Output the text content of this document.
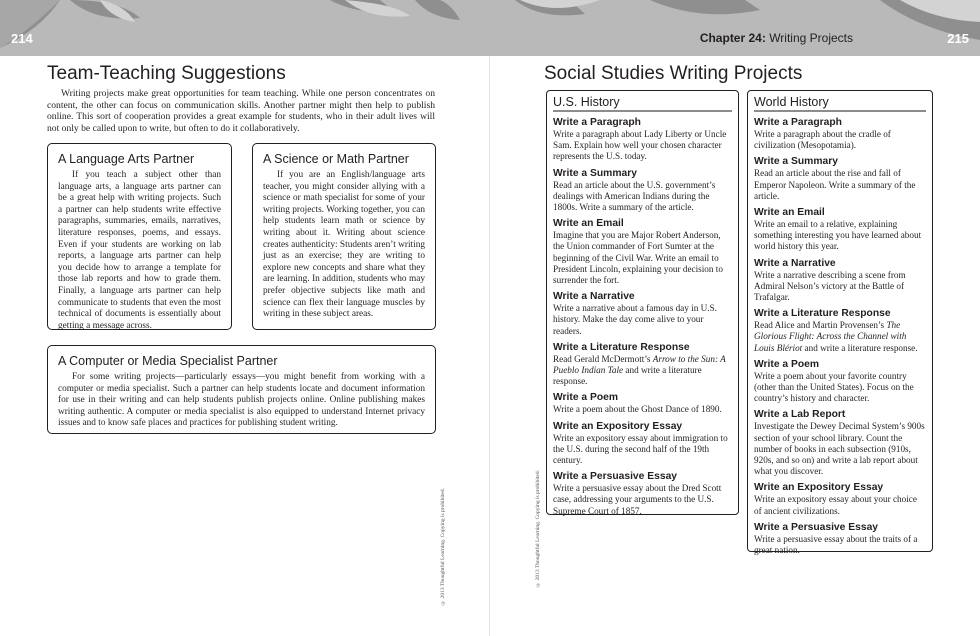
214	Chapter 24: Writing Projects	215
Team-Teaching Suggestions
Writing projects make great opportunities for team teaching. While one person concentrates on content, the other can focus on communication skills. Another partner might then help to publish online. This sort of cooperation provides a great example for students, who in their adult lives will not only be called upon to write, but often to do it collaboratively.
A Language Arts Partner

If you teach a subject other than language arts, a language arts partner can be a great help with writing projects. Such a partner can help students write effective paragraphs, summaries, emails, narratives, literature responses, poems, and essays. Even if your students are working on lab reports, a language arts partner can help you decide how to arrange a template for those lab reports and how to grade them. Finally, a language arts partner can help communicate to students that even the most technical of documents is essentially about getting a message across.

A Science or Math Partner

If you are an English/language arts teacher, you might consider allying with a science or math specialist for some of your writing projects. Working together, you can help students learn math or science by writing about it. Writing about science creates authenticity: Students aren’t writing just as an exercise; they are writing to explore new concepts and share what they are learning. In addition, students who may prefer objective subjects like math and science can flex their language muscles by writing in these subject areas.

A Computer or Media Specialist Partner

For some writing projects—particularly essays—you might benefit from working with a computer or media specialist. Such a partner can help students locate and document information for use in their writing and can help students publish projects online. Online publishing makes writing authentic. A computer or media specialist is also equipped to understand Internet privacy issues and to know safe places and practices for publishing student writing.

© 2013 Thoughtful Learning. Copying is prohibited.
Social Studies Writing Projects
© 2013 Thoughtful Learning. Copying is prohibited.
U.S. History
Write a Paragraph

Write a paragraph about Lady Liberty or Uncle Sam. Explain how well your chosen character represents the U.S. today.

Write a Summary

Read an article about the U.S. government’s dealings with American Indians during the 1800s. Write a summary of the article.

Write an Email

Imagine that you are Major Robert Anderson, the Union commander of Fort Sumter at the beginning of the Civil War. Write an email to President Lincoln, explaining your decision to surrender the fort.

Write a Narrative

Write a narrative about a famous day in U.S. history. Make the day come alive to your readers.

Write a Literature Response

Read Gerald McDermott’s Arrow to the Sun: A Pueblo Indian Tale and write a literature response.

Write a Poem

Write a poem about the Ghost Dance of 1890.

Write an Expository Essay

Write an expository essay about immigration to the U.S. during the second half of the 19th century.

Write a Persuasive Essay

Write a persuasive essay about the Dred Scott case, addressing your arguments to the U.S. Supreme Court of 1857.

World History
Write a Paragraph

Write a paragraph about the cradle of civilization (Mesopotamia).

Write a Summary

Read an article about the rise and fall of Emperor Napoleon. Write a summary of the article.

Write an Email

Write an email to a relative, explaining something interesting you have learned about world history this year.

Write a Narrative

Write a narrative describing a scene from Admiral Nelson’s victory at the Battle of Trafalgar.

Write a Literature Response

Read Alice and Martin Provensen’s The Glorious Flight: Across the Channel with Louis Blériot and write a literature response.

Write a Poem

Write a poem about your favorite country (other than the United States). Focus on the country’s history and character.

Write a Lab Report

Investigate the Dewey Decimal System’s 900s section of your school library. Count the number of books in each subsection (910s, 920s, and so on) and write a lab report about what you discover.

Write an Expository Essay

Write an expository essay about your choice of ancient civilizations.

Write a Persuasive Essay

Write a persuasive essay about the traits of a great nation.
